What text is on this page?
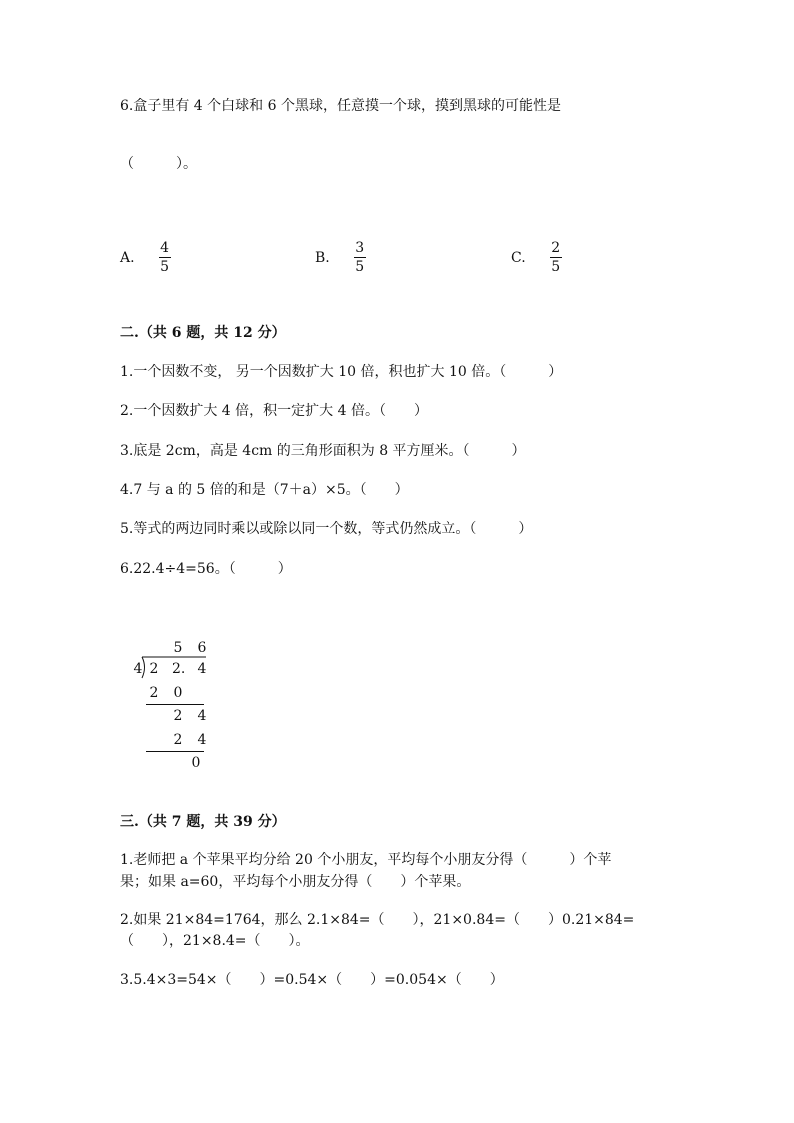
6.盒子里有 4 个白球和 6 个黑球，任意摸一个球，摸到黑球的可能性是
（　　　）。
A. $\frac{4}{5}$	B. $\frac{3}{5}$	C. $\frac{2}{5}$
二.（共 6 题，共 12 分）
1.一个因数不变， 另一个因数扩大 10 倍，积也扩大 10 倍。（　　　）
2.一个因数扩大 4 倍，积一定扩大 4 倍。（　　）
3.底是 2cm，高是 4cm 的三角形面积为 8 平方厘米。（　　　）
4.7 与 a 的 5 倍的和是（7＋a）×5。（　　）
5.等式的两边同时乘以或除以同一个数，等式仍然成立。（　　　）
6.22.4÷4=56。（　　　）
5 6
4 2 2. 4
2 0
2 4
2 4
0
三.（共 7 题，共 39 分）
1.老师把 a 个苹果平均分给 20 个小朋友，平均每个小朋友分得（　　　）个苹
果；如果 a=60，平均每个小朋友分得（　　）个苹果。
2.如果 21×84=1764，那么 2.1×84=（　　），21×0.84=（　　）0.21×84=
（　　），21×8.4=（　　）。
3.5.4×3=54×（　　）=0.54×（　　）=0.054×（　　）
